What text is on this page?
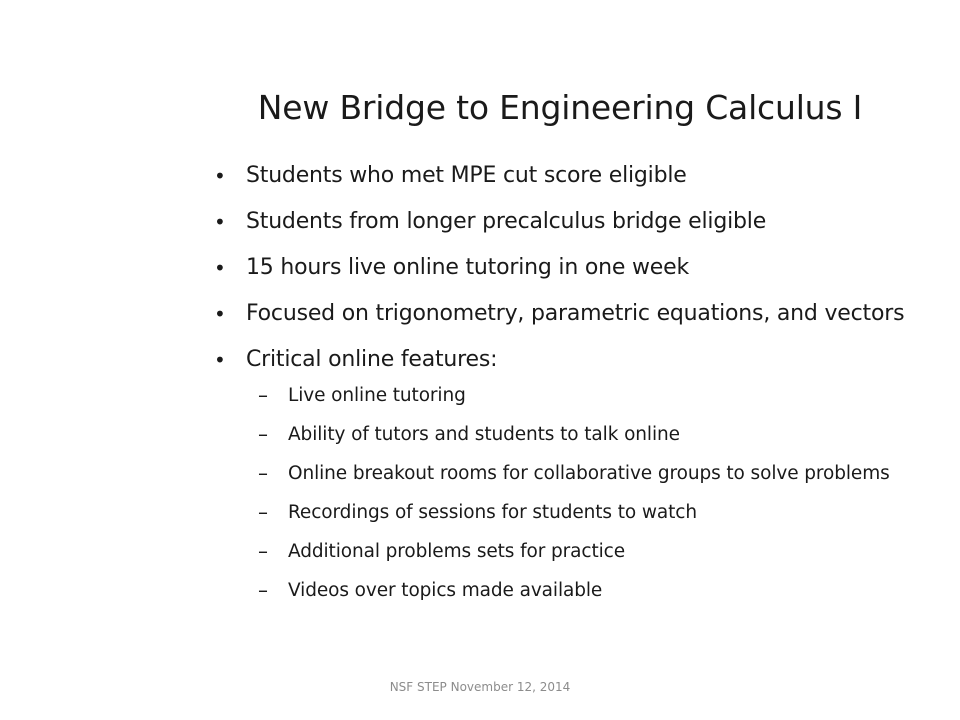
New Bridge to Engineering Calculus I
• Students who met MPE cut score eligible
• Students from longer precalculus bridge eligible
• 15 hours live online tutoring in one week
• Focused on trigonometry, parametric equations, and vectors
• Critical online features:
–	Live online tutoring
–	Ability of tutors and students to talk online
–	Online breakout rooms for collaborative groups to solve problems
–	Recordings of sessions for students to watch
–	Additional problems sets for practice
–	Videos over topics made available
NSF STEP November 12, 2014
